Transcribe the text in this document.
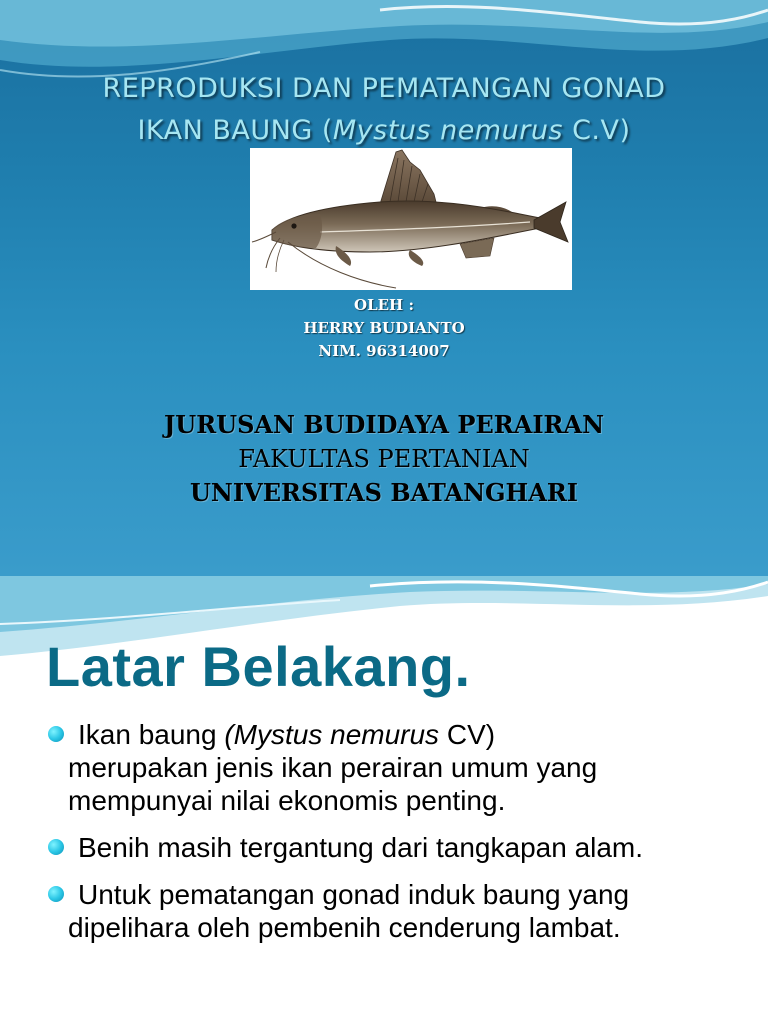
REPRODUKSI DAN PEMATANGAN GONAD
IKAN BAUNG (Mystus nemurus C.V)
OLEH :
HERRY BUDIANTO
NIM. 96314007
JURUSAN BUDIDAYA PERAIRAN
FAKULTAS PERTANIAN
UNIVERSITAS BATANGHARI
Latar Belakang.
Ikan baung (Mystus nemurus CV)
merupakan jenis ikan perairan umum yang mempunyai nilai ekonomis penting.
Benih masih tergantung dari tangkapan alam.
Untuk pematangan gonad induk baung yang dipelihara oleh pembenih cenderung lambat.
